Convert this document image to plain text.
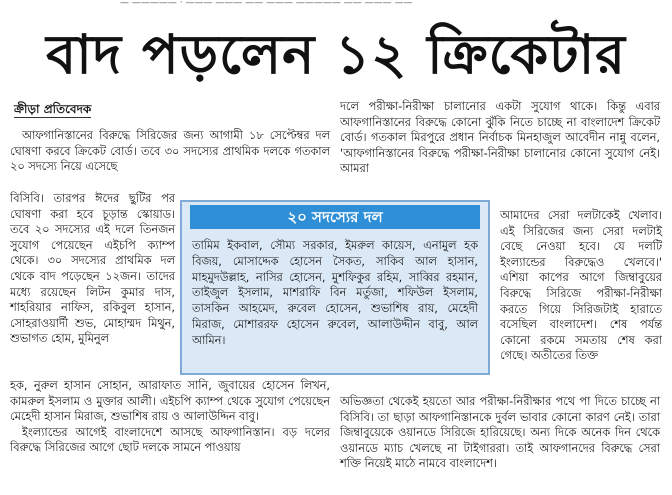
— ————— · ——— ——— —— ——— ————— —— ——— ——
বাদ পড়লেন ১২ ক্রিকেটার
ক্রীড়া প্রতিবেদক

আফগানিস্তানের বিরুদ্ধে সিরিজের জন্য আগামী ১৮ সেপ্টেম্বর দল ঘোষণা করবে ক্রিকেট বোর্ড। তবে ৩০ সদস্যের প্রাথমিক দলকে গতকাল ২০ সদস্যে নিয়ে এসেছে

বিসিবি। তারপর ঈদের ছুটির পর ঘোষণা করা হবে চূড়ান্ত স্কোয়াড। তবে ২০ সদস্যের এই দলে তিনজন সুযোগ পেয়েছেন এইচপি ক্যাম্প থেকে। ৩০ সদস্যের প্রাথমিক দল থেকে বাদ পড়েছেন ১২জন। তাদের মধ্যে রয়েছেন লিটন কুমার দাস, শাহরিয়ার নাফিস, রকিবুল হাসান, সোহরাওয়ার্দী শুভ, মোহাম্মদ মিথুন, শুভাগত হোম, মুমিনুল

হক, নুরুল হাসান সোহান, আরাফাত সানি, জুবায়ের হোসেন লিখন, কামরুল ইসলাম ও মুক্তার আলী। এইচপি ক্যাম্প থেকে সুযোগ পেয়েছেন মেহেদী হাসান মিরাজ, শুভাশিষ রায় ও আলাউদ্দিন বাবু।

ইংল্যান্ডের আগেই বাংলাদেশে আসছে আফগানিস্তান। বড় দলের বিরুদ্ধে সিরিজের আগে ছোট দলকে সামনে পাওয়ায়

দলে পরীক্ষা-নিরীক্ষা চালানোর একটা সুযোগ থাকে। কিন্তু এবার আফগানিস্তানের বিরুদ্ধে কোনো ঝুঁকি নিতে চাচ্ছে না বাংলাদেশ ক্রিকেট বোর্ড। গতকাল মিরপুরে প্রধান নির্বাচক মিনহাজুল আবেদীন নান্নু বলেন, 'আফগানিস্তানের বিরুদ্ধে পরীক্ষা-নিরীক্ষা চালানোর কোনো সুযোগ নেই। আমরা

আমাদের সেরা দলটাকেই খেলাব। এই সিরিজের জন্য সেরা দলটাই বেছে নেওয়া হবে। যে দলটি ইংল্যান্ডের বিরুদ্ধেও খেলবে।' এশিয়া কাপের আগে জিম্বাবুয়ের বিরুদ্ধে সিরিজে পরীক্ষা-নিরীক্ষা করতে গিয়ে সিরিজটাই হারাতে বসেছিল বাংলাদেশ। শেষ পর্যন্ত কোনো রকমে সমতায় শেষ করা গেছে। অতীতের তিক্ত

অভিজ্ঞতা থেকেই হয়তো আর পরীক্ষা-নিরীক্ষার পথে পা দিতে চাচ্ছে না বিসিবি। তা ছাড়া আফগানিস্তানকে দুর্বল ভাবার কোনো কারণ নেই। তারা জিম্বাবুয়েকে ওয়ানডে সিরিজে হারিয়েছে। অন্য দিকে অনেক দিন থেকে ওয়ানডে ম্যাচ খেলছে না টাইগাররা। তাই আফগানদের বিরুদ্ধে সেরা শক্তি নিয়েই মাঠে নামবে বাংলাদেশ।

২০ সদস্যের দল
তামিম ইকবাল, সৌম্য সরকার, ইমরুল কায়েস, এনামুল হক বিজয়, মোসাদ্দেক হোসেন সৈকত, সাকিব আল হাসান, মাহমুদউল্লাহ, নাসির হোসেন, মুশফিকুর রহিম, সাব্বির রহমান, তাইজুল ইসলাম, মাশরাফি বিন মর্তুজা, শফিউল ইসলাম, তাসকিন আহমেদ, রুবেল হোসেন, শুভাশিষ রায়, মেহেদী মিরাজ, মোশাররফ হোসেন রুবেল, আলাউদ্দীন বাবু, আল আমিন।
